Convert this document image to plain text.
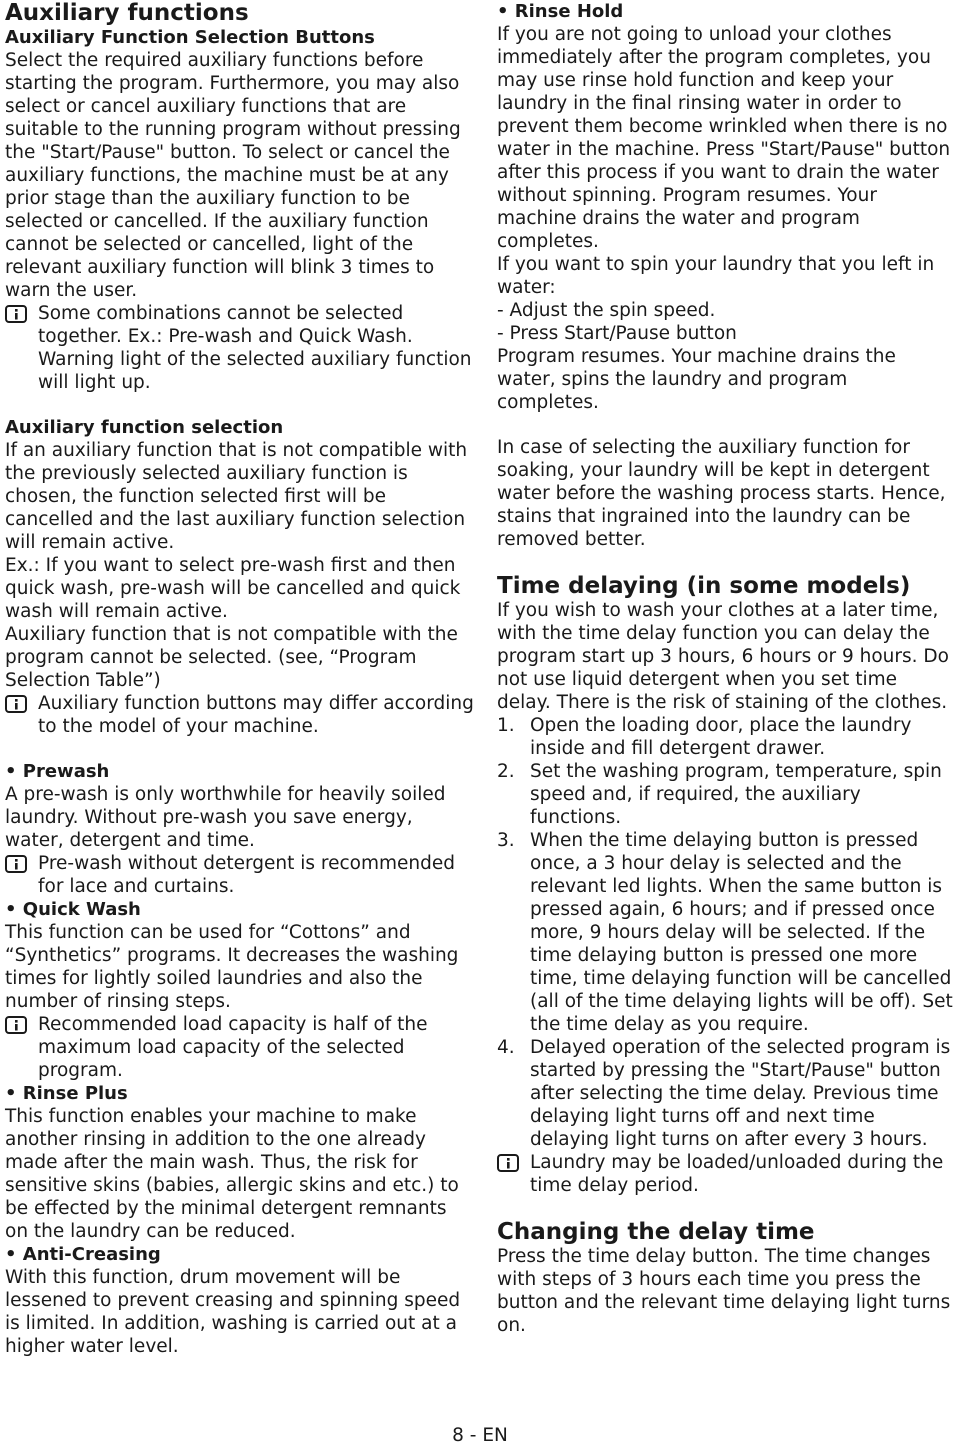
Auxiliary functions
Auxiliary Function Selection Buttons
Select the required auxiliary functions before starting the program. Furthermore, you may also select or cancel auxiliary functions that are suitable to the running program without pressing the "Start/Pause" button. To select or cancel the auxiliary functions, the machine must be at any prior stage than the auxiliary function to be selected or cancelled. If the auxiliary function cannot be selected or cancelled, light of the relevant auxiliary function will blink 3 times to warn the user.
Some combinations cannot be selected together. Ex.: Pre-wash and Quick Wash. Warning light of the selected auxiliary function will light up.
Auxiliary function selection
If an auxiliary function that is not compatible with the previously selected auxiliary function is chosen, the function selected first will be cancelled and the last auxiliary function selection will remain active.
Ex.: If you want to select pre-wash first and then quick wash, pre-wash will be cancelled and quick wash will remain active.
Auxiliary function that is not compatible with the program cannot be selected. (see, “Program Selection Table”)
Auxiliary function buttons may differ according to the model of your machine.
• Prewash
A pre-wash is only worthwhile for heavily soiled laundry. Without pre-wash you save energy, water, detergent and time.
Pre-wash without detergent is recommended for lace and curtains.
• Quick Wash
This function can be used for “Cottons” and “Synthetics” programs. It decreases the washing times for lightly soiled laundries and also the number of rinsing steps.
Recommended load capacity is half of the maximum load capacity of the selected program.
• Rinse Plus
This function enables your machine to make another rinsing in addition to the one already made after the main wash. Thus, the risk for sensitive skins (babies, allergic skins and etc.) to be effected by the minimal detergent remnants on the laundry can be reduced.
• Anti-Creasing
With this function, drum movement will be lessened to prevent creasing and spinning speed is limited. In addition, washing is carried out at a higher water level.
• Rinse Hold
If you are not going to unload your clothes immediately after the program completes, you may use rinse hold function and keep your laundry in the final rinsing water in order to prevent them become wrinkled when there is no water in the machine. Press "Start/Pause" button after this process if you want to drain the water without spinning. Program resumes. Your machine drains the water and program completes.
If you want to spin your laundry that you left in water:
- Adjust the spin speed.
- Press Start/Pause button
Program resumes. Your machine drains the water, spins the laundry and program completes.
In case of selecting the auxiliary function for soaking, your laundry will be kept in detergent water before the washing process starts. Hence, stains that ingrained into the laundry can be removed better.
Time delaying (in some models)
If you wish to wash your clothes at a later time, with the time delay function you can delay the program start up 3 hours, 6 hours or 9 hours. Do not use liquid detergent when you set time delay. There is the risk of staining of the clothes.
1. Open the loading door, place the laundry inside and fill detergent drawer.
2. Set the washing program, temperature, spin speed and, if required, the auxiliary functions.
3. When the time delaying button is pressed once, a 3 hour delay is selected and the relevant led lights. When the same button is pressed again, 6 hours; and if pressed once more, 9 hours delay will be selected. If the time delaying button is pressed one more time, time delaying function will be cancelled (all of the time delaying lights will be off). Set the time delay as you require.
4. Delayed operation of the selected program is started by pressing the "Start/Pause" button after selecting the time delay. Previous time delaying light turns off and next time delaying light turns on after every 3 hours.
Laundry may be loaded/unloaded during the time delay period.
Changing the delay time
Press the time delay button. The time changes with steps of 3 hours each time you press the button and the relevant time delaying light turns on.
8 - EN
